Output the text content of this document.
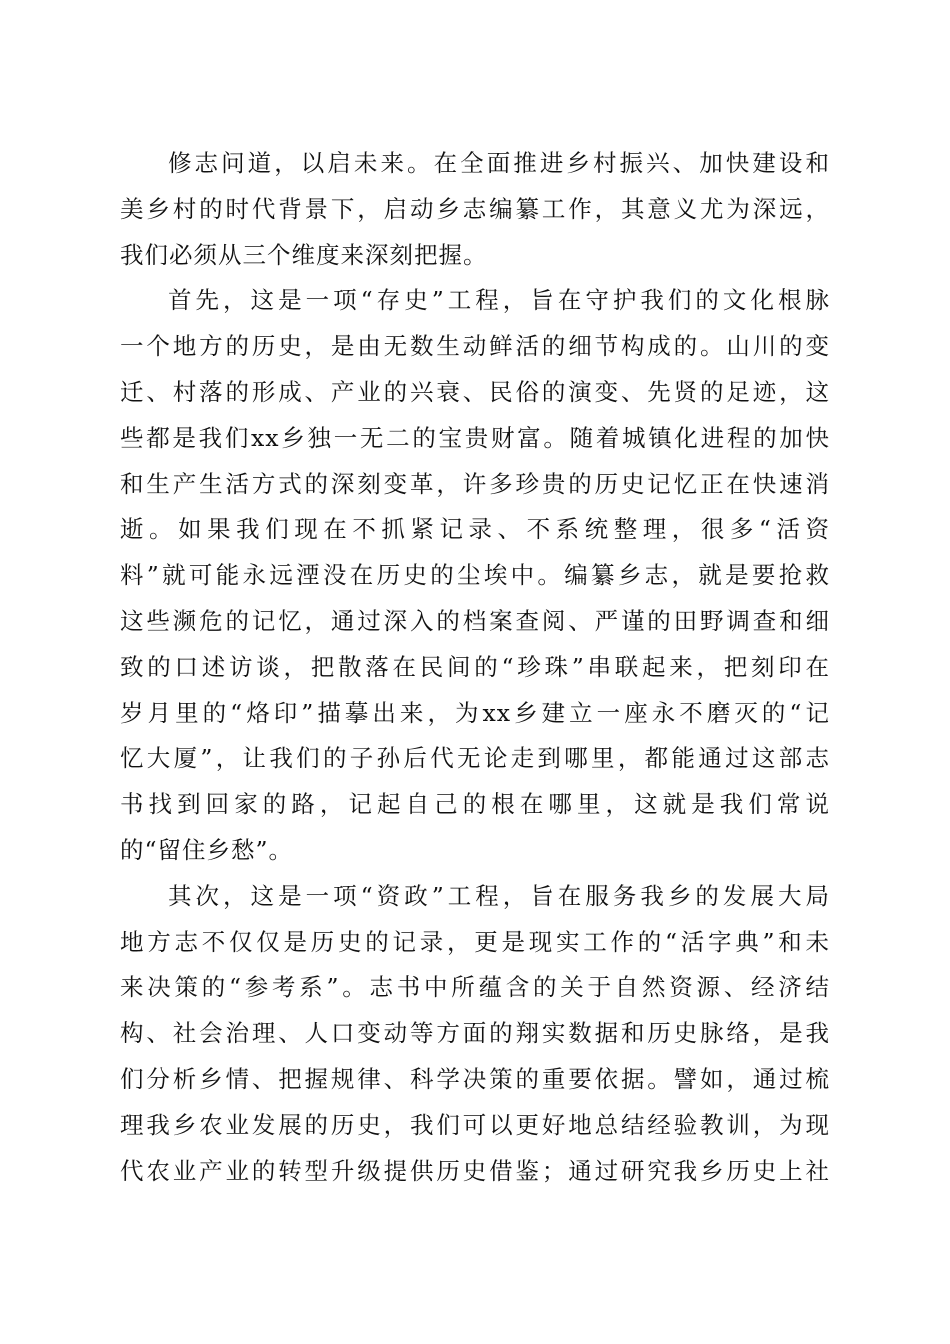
修志问道，以启未来。在全面推进乡村振兴、加快建设和
美乡村的时代背景下，启动乡志编纂工作，其意义尤为深远，
我们必须从三个维度来深刻把握。
首先，这是一项“存史”工程，旨在守护我们的文化根脉
一个地方的历史，是由无数生动鲜活的细节构成的。山川的变
迁、村落的形成、产业的兴衰、民俗的演变、先贤的足迹，这
些都是我们xx乡独一无二的宝贵财富。随着城镇化进程的加快
和生产生活方式的深刻变革，许多珍贵的历史记忆正在快速消
逝。如果我们现在不抓紧记录、不系统整理，很多“活资
料”就可能永远湮没在历史的尘埃中。编纂乡志，就是要抢救
这些濒危的记忆，通过深入的档案查阅、严谨的田野调查和细
致的口述访谈，把散落在民间的“珍珠”串联起来，把刻印在
岁月里的“烙印”描摹出来，为xx乡建立一座永不磨灭的“记
忆大厦”，让我们的子孙后代无论走到哪里，都能通过这部志
书找到回家的路，记起自己的根在哪里，这就是我们常说
的“留住乡愁”。
其次，这是一项“资政”工程，旨在服务我乡的发展大局
地方志不仅仅是历史的记录，更是现实工作的“活字典”和未
来决策的“参考系”。志书中所蕴含的关于自然资源、经济结
构、社会治理、人口变动等方面的翔实数据和历史脉络，是我
们分析乡情、把握规律、科学决策的重要依据。譬如，通过梳
理我乡农业发展的历史，我们可以更好地总结经验教训，为现
代农业产业的转型升级提供历史借鉴；通过研究我乡历史上社
